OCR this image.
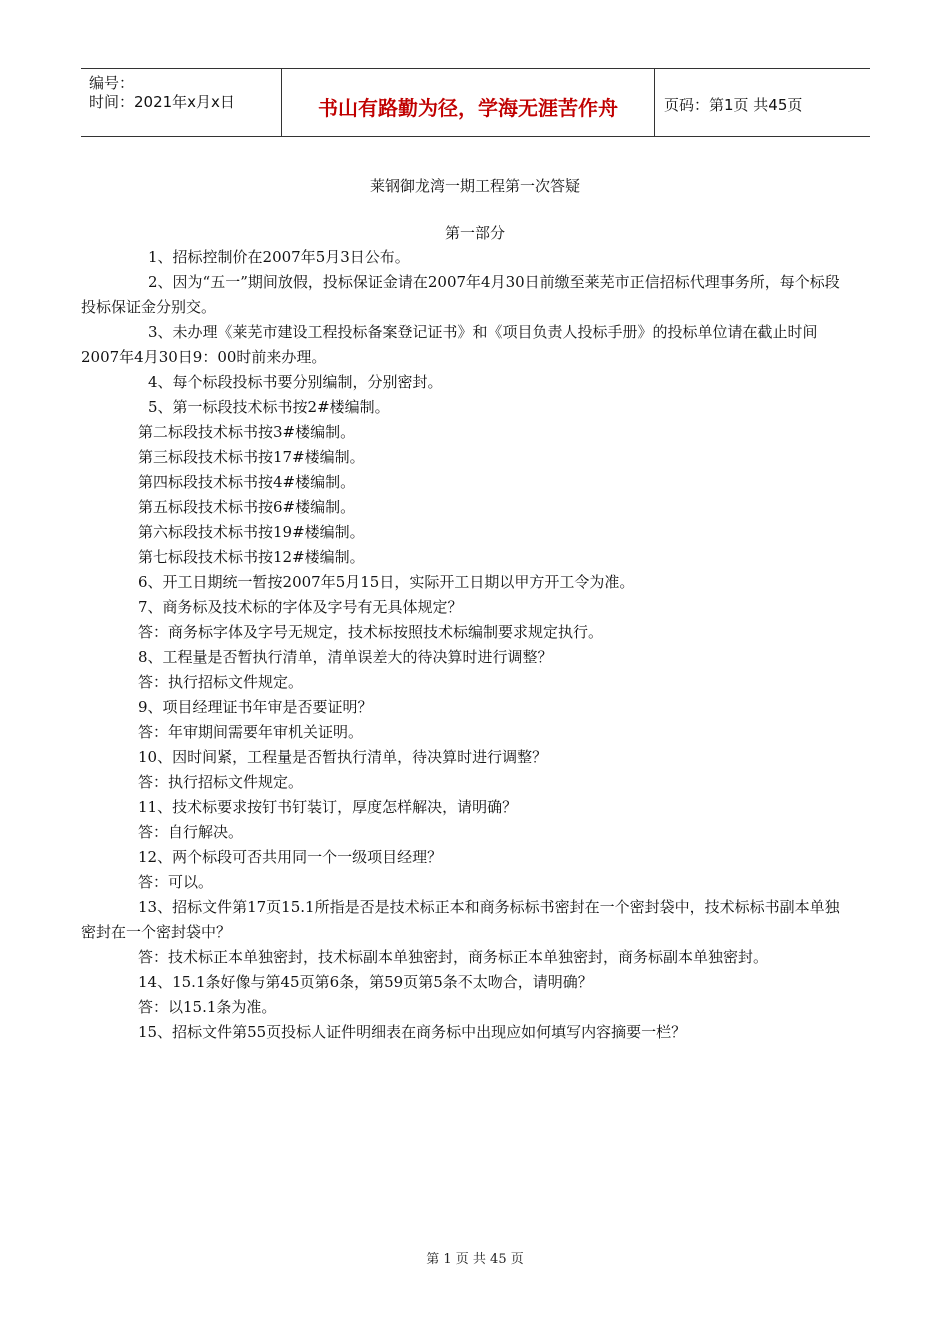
编号：
时间：2021年x月x日	书山有路勤为径，学海无涯苦作舟	页码：第1页 共45页
莱钢御龙湾一期工程第一次答疑
第一部分

1、招标控制价在2007年5月3日公布。

2、因为“五一”期间放假，投标保证金请在2007年4月30日前缴至莱芜市正信招标代理事务所，每个标段投标保证金分别交。

3、未办理《莱芜市建设工程投标备案登记证书》和《项目负责人投标手册》的投标单位请在截止时间2007年4月30日9：00时前来办理。

4、每个标段投标书要分别编制，分别密封。

5、第一标段技术标书按2#楼编制。

第二标段技术标书按3#楼编制。

第三标段技术标书按17#楼编制。

第四标段技术标书按4#楼编制。

第五标段技术标书按6#楼编制。

第六标段技术标书按19#楼编制。

第七标段技术标书按12#楼编制。

6、开工日期统一暂按2007年5月15日，实际开工日期以甲方开工令为准。

7、商务标及技术标的字体及字号有无具体规定？

答：商务标字体及字号无规定，技术标按照技术标编制要求规定执行。

8、工程量是否暂执行清单，清单误差大的待决算时进行调整？

答：执行招标文件规定。

9、项目经理证书年审是否要证明？

答：年审期间需要年审机关证明。

10、因时间紧，工程量是否暂执行清单，待决算时进行调整？

答：执行招标文件规定。

11、技术标要求按钉书钉装订，厚度怎样解决，请明确？

答：自行解决。

12、两个标段可否共用同一个一级项目经理？

答：可以。

13、招标文件第17页15.1所指是否是技术标正本和商务标标书密封在一个密封袋中，技术标标书副本单独密封在一个密封袋中？

答：技术标正本单独密封，技术标副本单独密封，商务标正本单独密封，商务标副本单独密封。

14、15.1条好像与第45页第6条，第59页第5条不太吻合，请明确？

答：以15.1条为准。

15、招标文件第55页投标人证件明细表在商务标中出现应如何填写内容摘要一栏？

第 1 页 共 45 页
